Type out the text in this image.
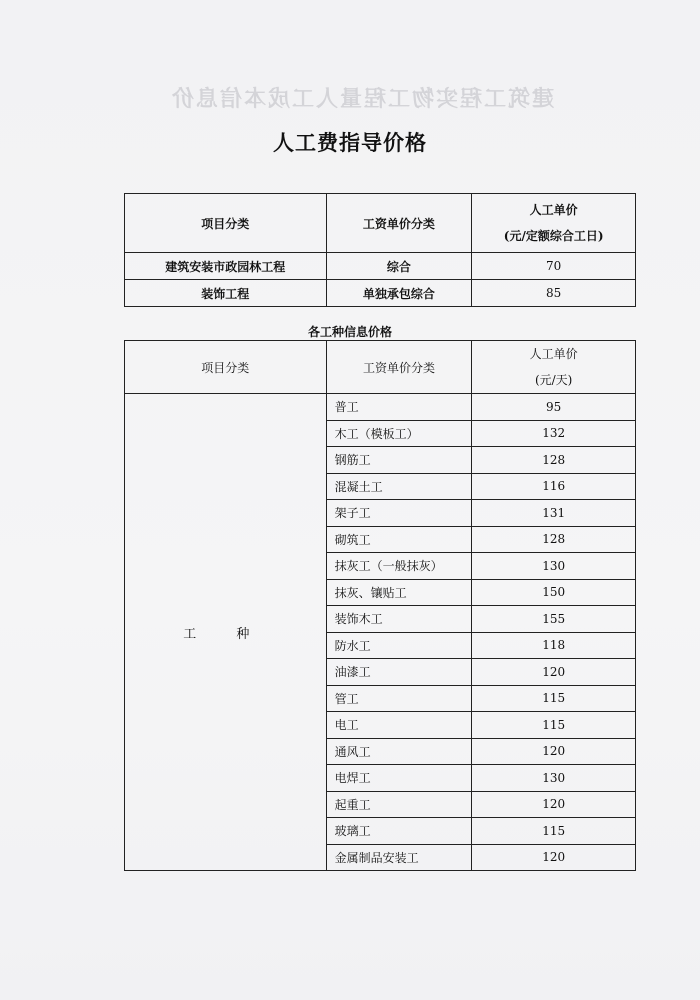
建筑工程实物工程量人工成本信息价
人工费指导价格
项目分类	工资单价分类	人工单价
(元/定额综合工日)

建筑安装市政园林工程	综合	70
装饰工程	单独承包综合	85
各工种信息价格
项目分类	工资单价分类	人工单价
(元/天)

工 种	普工	95
	木工（模板工）	132
	钢筋工	128
	混凝土工	116
	架子工	131
	砌筑工	128
	抹灰工（一般抹灰）	130
	抹灰、镶贴工	150
	装饰木工	155
	防水工	118
	油漆工	120
	管工	115
	电工	115
	通风工	120
	电焊工	130
	起重工	120
	玻璃工	115
	金属制品安装工	120
